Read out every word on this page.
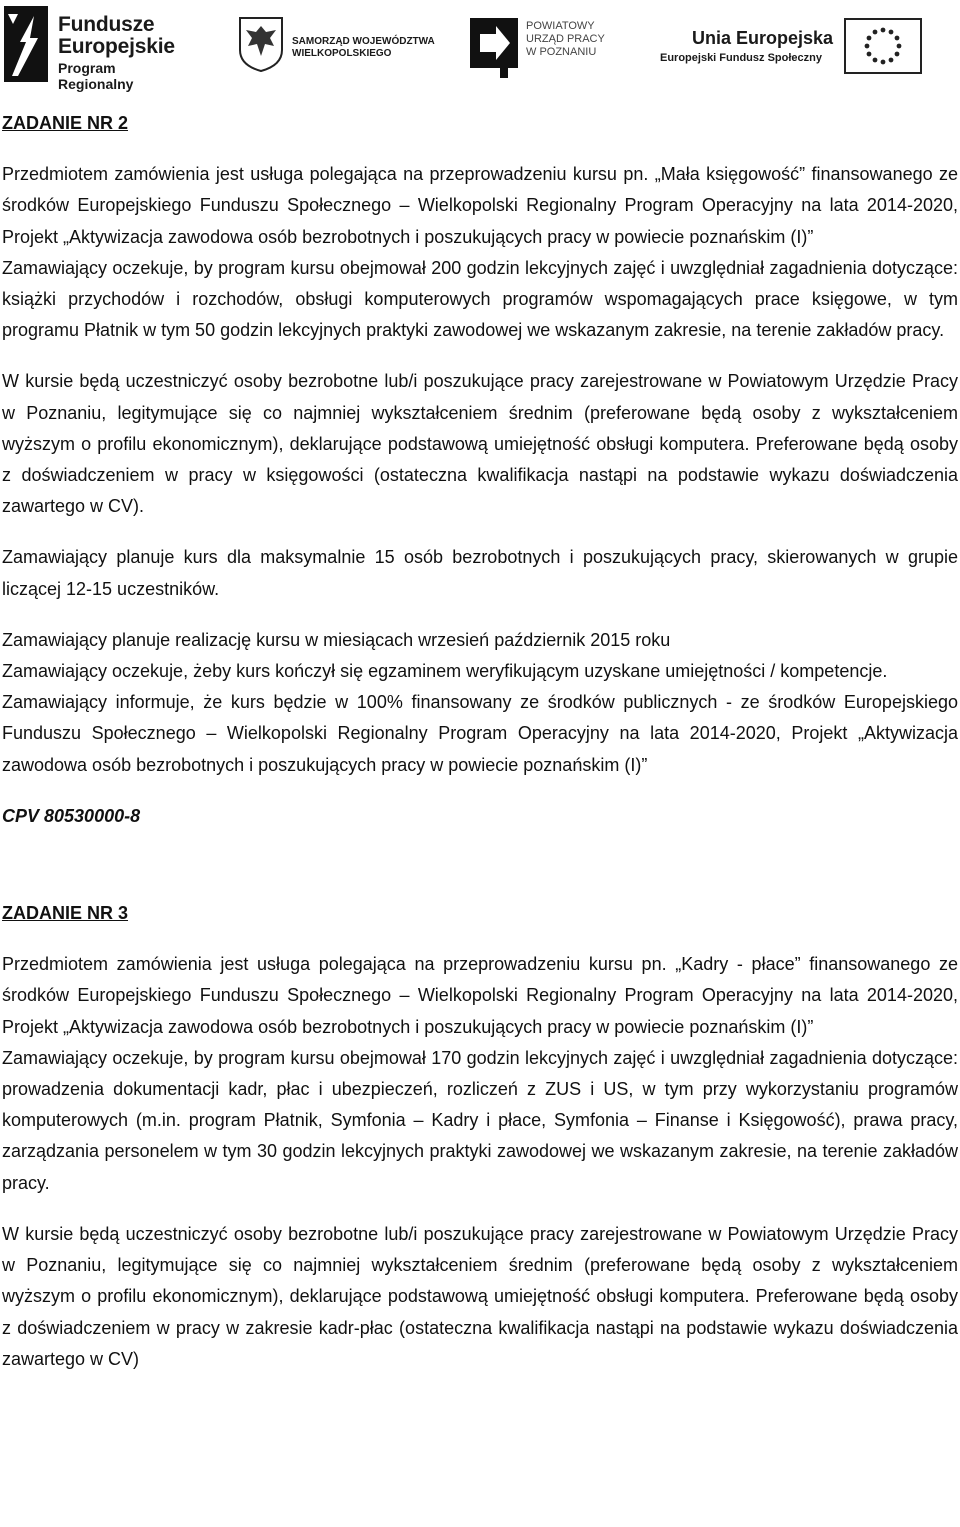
Fundusze
Europejskie
Program Regionalny
SAMORZĄD WOJEWÓDZTWA
WIELKOPOLSKIEGO
POWIATOWY
URZĄD PRACY
W POZNANIU
Unia Europejska
Europejski Fundusz Społeczny

ZADANIE NR 2

Przedmiotem zamówienia jest usługa polegająca na przeprowadzeniu kursu pn. „Mała księgowość” finansowanego ze środków Europejskiego Funduszu Społecznego – Wielkopolski Regionalny Program Operacyjny na lata 2014-2020, Projekt „Aktywizacja zawodowa osób bezrobotnych i poszukujących pracy w powiecie poznańskim (I)”

Zamawiający oczekuje, by program kursu obejmował 200 godzin lekcyjnych zajęć i uwzględniał zagadnienia dotyczące: książki przychodów i rozchodów, obsługi komputerowych programów wspomagających prace księgowe, w tym programu Płatnik w tym 50 godzin lekcyjnych praktyki zawodowej we wskazanym zakresie, na terenie zakładów pracy.

W kursie będą uczestniczyć osoby bezrobotne lub/i poszukujące pracy zarejestrowane w Powiatowym Urzędzie Pracy w Poznaniu, legitymujące się co najmniej wykształceniem średnim (preferowane będą osoby z wykształceniem wyższym o profilu ekonomicznym), deklarujące podstawową umiejętność obsługi komputera. Preferowane będą osoby z doświadczeniem w pracy w księgowości (ostateczna kwalifikacja nastąpi na podstawie wykazu doświadczenia zawartego w CV).

Zamawiający planuje kurs dla maksymalnie 15 osób bezrobotnych i poszukujących pracy, skierowanych w grupie liczącej 12-15 uczestników.

Zamawiający planuje realizację kursu w miesiącach wrzesień październik 2015 roku

Zamawiający oczekuje, żeby kurs kończył się egzaminem weryfikującym uzyskane umiejętności / kompetencje.

Zamawiający informuje, że kurs będzie w 100% finansowany ze środków publicznych - ze środków Europejskiego Funduszu Społecznego – Wielkopolski Regionalny Program Operacyjny na lata 2014-2020, Projekt „Aktywizacja zawodowa osób bezrobotnych i poszukujących pracy w powiecie poznańskim (I)”

CPV 80530000-8

ZADANIE NR 3

Przedmiotem zamówienia jest usługa polegająca na przeprowadzeniu kursu pn. „Kadry - płace” finansowanego ze środków Europejskiego Funduszu Społecznego – Wielkopolski Regionalny Program Operacyjny na lata 2014-2020, Projekt „Aktywizacja zawodowa osób bezrobotnych i poszukujących pracy w powiecie poznańskim (I)”

Zamawiający oczekuje, by program kursu obejmował 170 godzin lekcyjnych zajęć i uwzględniał zagadnienia dotyczące: prowadzenia dokumentacji kadr, płac i ubezpieczeń, rozliczeń z ZUS i US, w tym przy wykorzystaniu programów komputerowych (m.in. program Płatnik, Symfonia – Kadry i płace, Symfonia – Finanse i Księgowość), prawa pracy, zarządzania personelem w tym 30 godzin lekcyjnych praktyki zawodowej we wskazanym zakresie, na terenie zakładów pracy.

W kursie będą uczestniczyć osoby bezrobotne lub/i poszukujące pracy zarejestrowane w Powiatowym Urzędzie Pracy w Poznaniu, legitymujące się co najmniej wykształceniem średnim (preferowane będą osoby z wykształceniem wyższym o profilu ekonomicznym), deklarujące podstawową umiejętność obsługi komputera. Preferowane będą osoby z doświadczeniem w pracy w zakresie kadr-płac (ostateczna kwalifikacja nastąpi na podstawie wykazu doświadczenia zawartego w CV)
